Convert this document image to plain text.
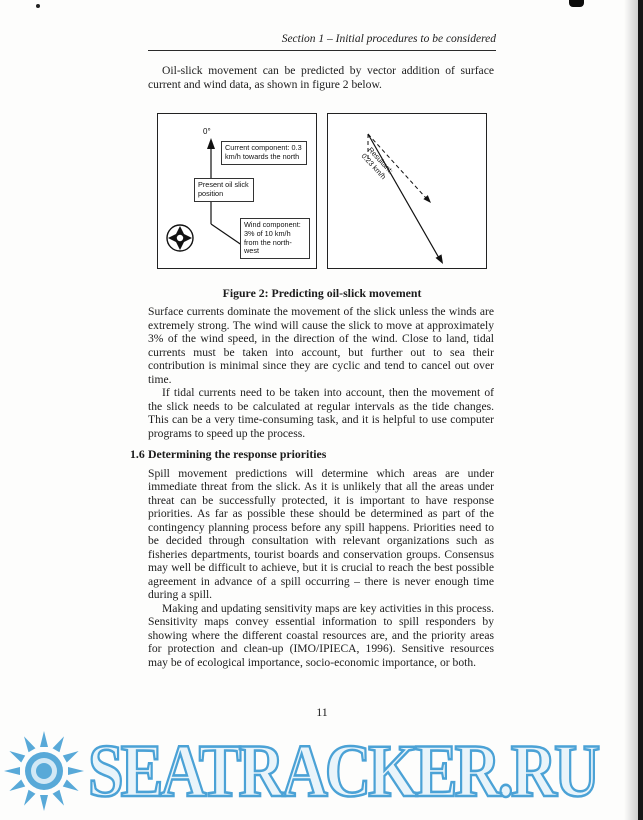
Section 1 – Initial procedures to be considered

Oil-slick movement can be predicted by vector addition of surface current and wind data, as shown in figure 2 below.

0°
Current component: 0.3 km/h towards the north
Present oil slick position
Wind component: 3% of 10 km/h from the north-west
Resultant: 0.23 km/h

Figure 2: Predicting oil-slick movement

Surface currents dominate the movement of the slick unless the winds are extremely strong. The wind will cause the slick to move at approximately 3% of the wind speed, in the direction of the wind. Close to land, tidal currents must be taken into account, but further out to sea their contribution is minimal since they are cyclic and tend to cancel out over time.

If tidal currents need to be taken into account, then the movement of the slick needs to be calculated at regular intervals as the tide changes. This can be a very time-consuming task, and it is helpful to use computer programs to speed up the process.

1.6 Determining the response priorities

Spill movement predictions will determine which areas are under immediate threat from the slick. As it is unlikely that all the areas under threat can be successfully protected, it is important to have response priorities. As far as possible these should be determined as part of the contingency planning process before any spill happens. Priorities need to be decided through consultation with relevant organizations such as fisheries departments, tourist boards and conservation groups. Consensus may well be difficult to achieve, but it is crucial to reach the best possible agreement in advance of a spill occurring – there is never enough time during a spill.

Making and updating sensitivity maps are key activities in this process. Sensitivity maps convey essential information to spill responders by showing where the different coastal resources are, and the priority areas for protection and clean-up (IMO/IPIECA, 1996). Sensitive resources may be of ecological importance, socio-economic importance, or both.

11
SEATRACKER.RU
